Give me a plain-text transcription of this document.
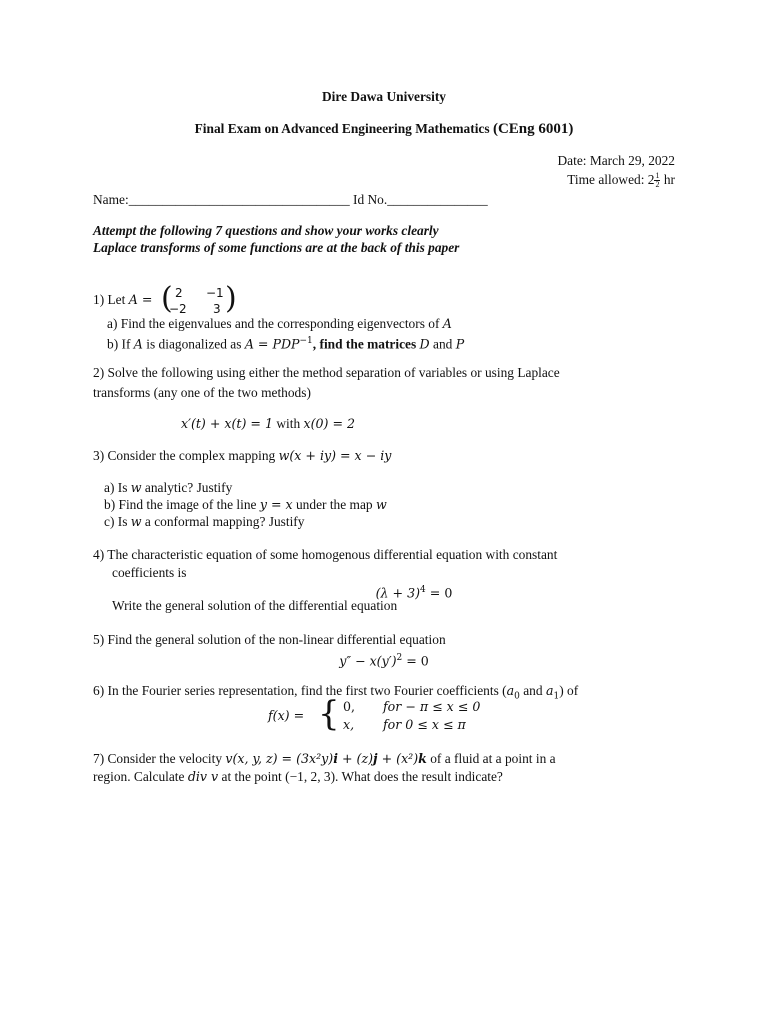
Dire Dawa University
Final Exam on Advanced Engineering Mathematics (CEng 6001)
Date: March 29, 2022
Time allowed: $2 \frac{1}{2}$ hr
Name:_________________________________ Id No._______________
Attempt the following 7 questions and show your works clearly
Laplace transforms of some functions are at the back of this paper
1) Let A = ( 2 −1
−2 3 )
a) Find the eigenvalues and the corresponding eigenvectors of A
b) If A is diagonalized as $A = PDP^{-1}$, find the matrices D and P
2) Solve the following using either the method separation of variables or using Laplace
transforms (any one of the two methods)
x′(t) + x(t) = 1 with x(0) = 2
3) Consider the complex mapping w(x + iy) = x − iy
a) Is w analytic? Justify
b) Find the image of the line y = x under the map w
c) Is w a conformal mapping? Justify
4) The characteristic equation of some homogenous differential equation with constant
coefficients is
$(\lambda + 3)^4 = 0$
Write the general solution of the differential equation
5) Find the general solution of the non-linear differential equation
$y'' - x(y')^2 = 0$
6) In the Fourier series representation, find the first two Fourier coefficients ($a_0$ and $a_1$) of
f(x) = { 0, for − π ≤ x ≤ 0
x, for 0 ≤ x ≤ π
7) Consider the velocity v(x, y, z) = (3x²y)i + (z)j + (x²)k of a fluid at a point in a
region. Calculate div v at the point (−1, 2, 3). What does the result indicate?
